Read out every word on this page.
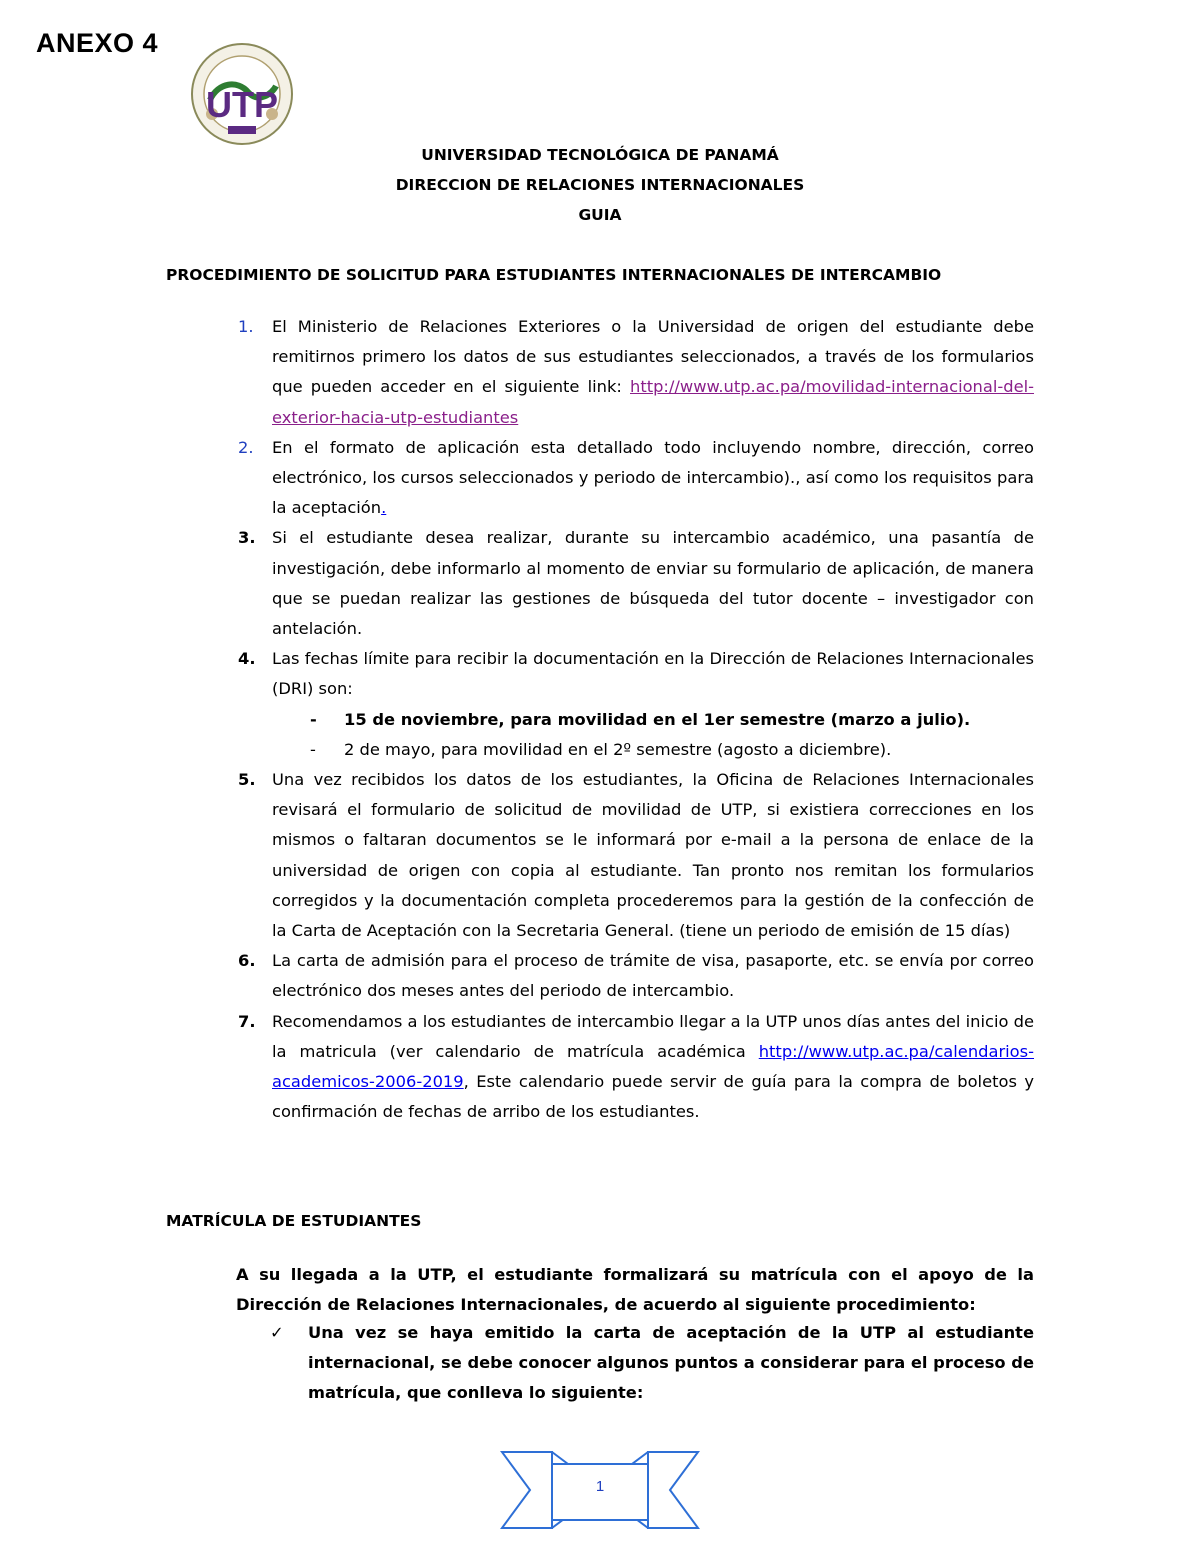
ANEXO 4
UTP
UNIVERSIDAD TECNOLÓGICA DE PANAMÁ
DIRECCION DE RELACIONES INTERNACIONALES
GUIA
PROCEDIMIENTO DE SOLICITUD PARA ESTUDIANTES INTERNACIONALES DE INTERCAMBIO
1. El Ministerio de Relaciones Exteriores o la Universidad de origen del estudiante debe remitirnos primero los datos de sus estudiantes seleccionados, a través de los formularios que pueden acceder en el siguiente link: http://www.utp.ac.pa/movilidad-internacional-del-exterior-hacia-utp-estudiantes
2. En el formato de aplicación esta detallado todo incluyendo nombre, dirección, correo electrónico, los cursos seleccionados y periodo de intercambio)., así como los requisitos para la aceptación.
3. Si el estudiante desea realizar, durante su intercambio académico, una pasantía de investigación, debe informarlo al momento de enviar su formulario de aplicación, de manera que se puedan realizar las gestiones de búsqueda del tutor docente – investigador con antelación.
4. Las fechas límite para recibir la documentación en la Dirección de Relaciones Internacionales (DRI) son:
- 15 de noviembre, para movilidad en el 1er semestre (marzo a julio).
- 2 de mayo, para movilidad en el 2º semestre (agosto a diciembre).
5. Una vez recibidos los datos de los estudiantes, la Oficina de Relaciones Internacionales revisará el formulario de solicitud de movilidad de UTP, si existiera correcciones en los mismos o faltaran documentos se le informará por e-mail a la persona de enlace de la universidad de origen con copia al estudiante. Tan pronto nos remitan los formularios corregidos y la documentación completa procederemos para la gestión de la confección de la Carta de Aceptación con la Secretaria General. (tiene un periodo de emisión de 15 días)
6. La carta de admisión para el proceso de trámite de visa, pasaporte, etc. se envía por correo electrónico dos meses antes del periodo de intercambio.
7. Recomendamos a los estudiantes de intercambio llegar a la UTP unos días antes del inicio de la matricula (ver calendario de matrícula académica http://www.utp.ac.pa/calendarios-academicos-2006-2019, Este calendario puede servir de guía para la compra de boletos y confirmación de fechas de arribo de los estudiantes.
MATRÍCULA DE ESTUDIANTES
A su llegada a la UTP, el estudiante formalizará su matrícula con el apoyo de la Dirección de Relaciones Internacionales, de acuerdo al siguiente procedimiento:
✓ Una vez se haya emitido la carta de aceptación de la UTP al estudiante internacional, se debe conocer algunos puntos a considerar para el proceso de matrícula, que conlleva lo siguiente:
1
